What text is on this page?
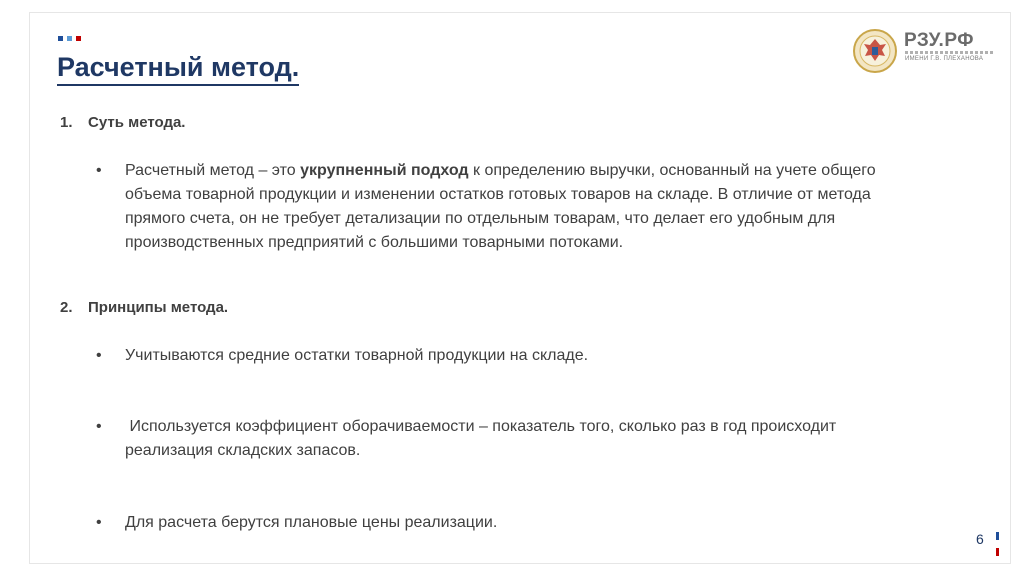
Расчетный метод.
РЗУ.РФ
ИМЕНИ Г.В. ПЛЕХАНОВА
1. Суть метода.
• Расчетный метод – это укрупненный подход к определению выручки, основанный на учете общего объема товарной продукции и изменении остатков готовых товаров на складе. В отличие от метода прямого счета, он не требует детализации по отдельным товарам, что делает его удобным для производственных предприятий с большими товарными потоками.
2. Принципы метода.
• Учитываются средние остатки товарной продукции на складе.
• Используется коэффициент оборачиваемости – показатель того, сколько раз в год происходит реализация складских запасов.
• Для расчета берутся плановые цены реализации.
6
